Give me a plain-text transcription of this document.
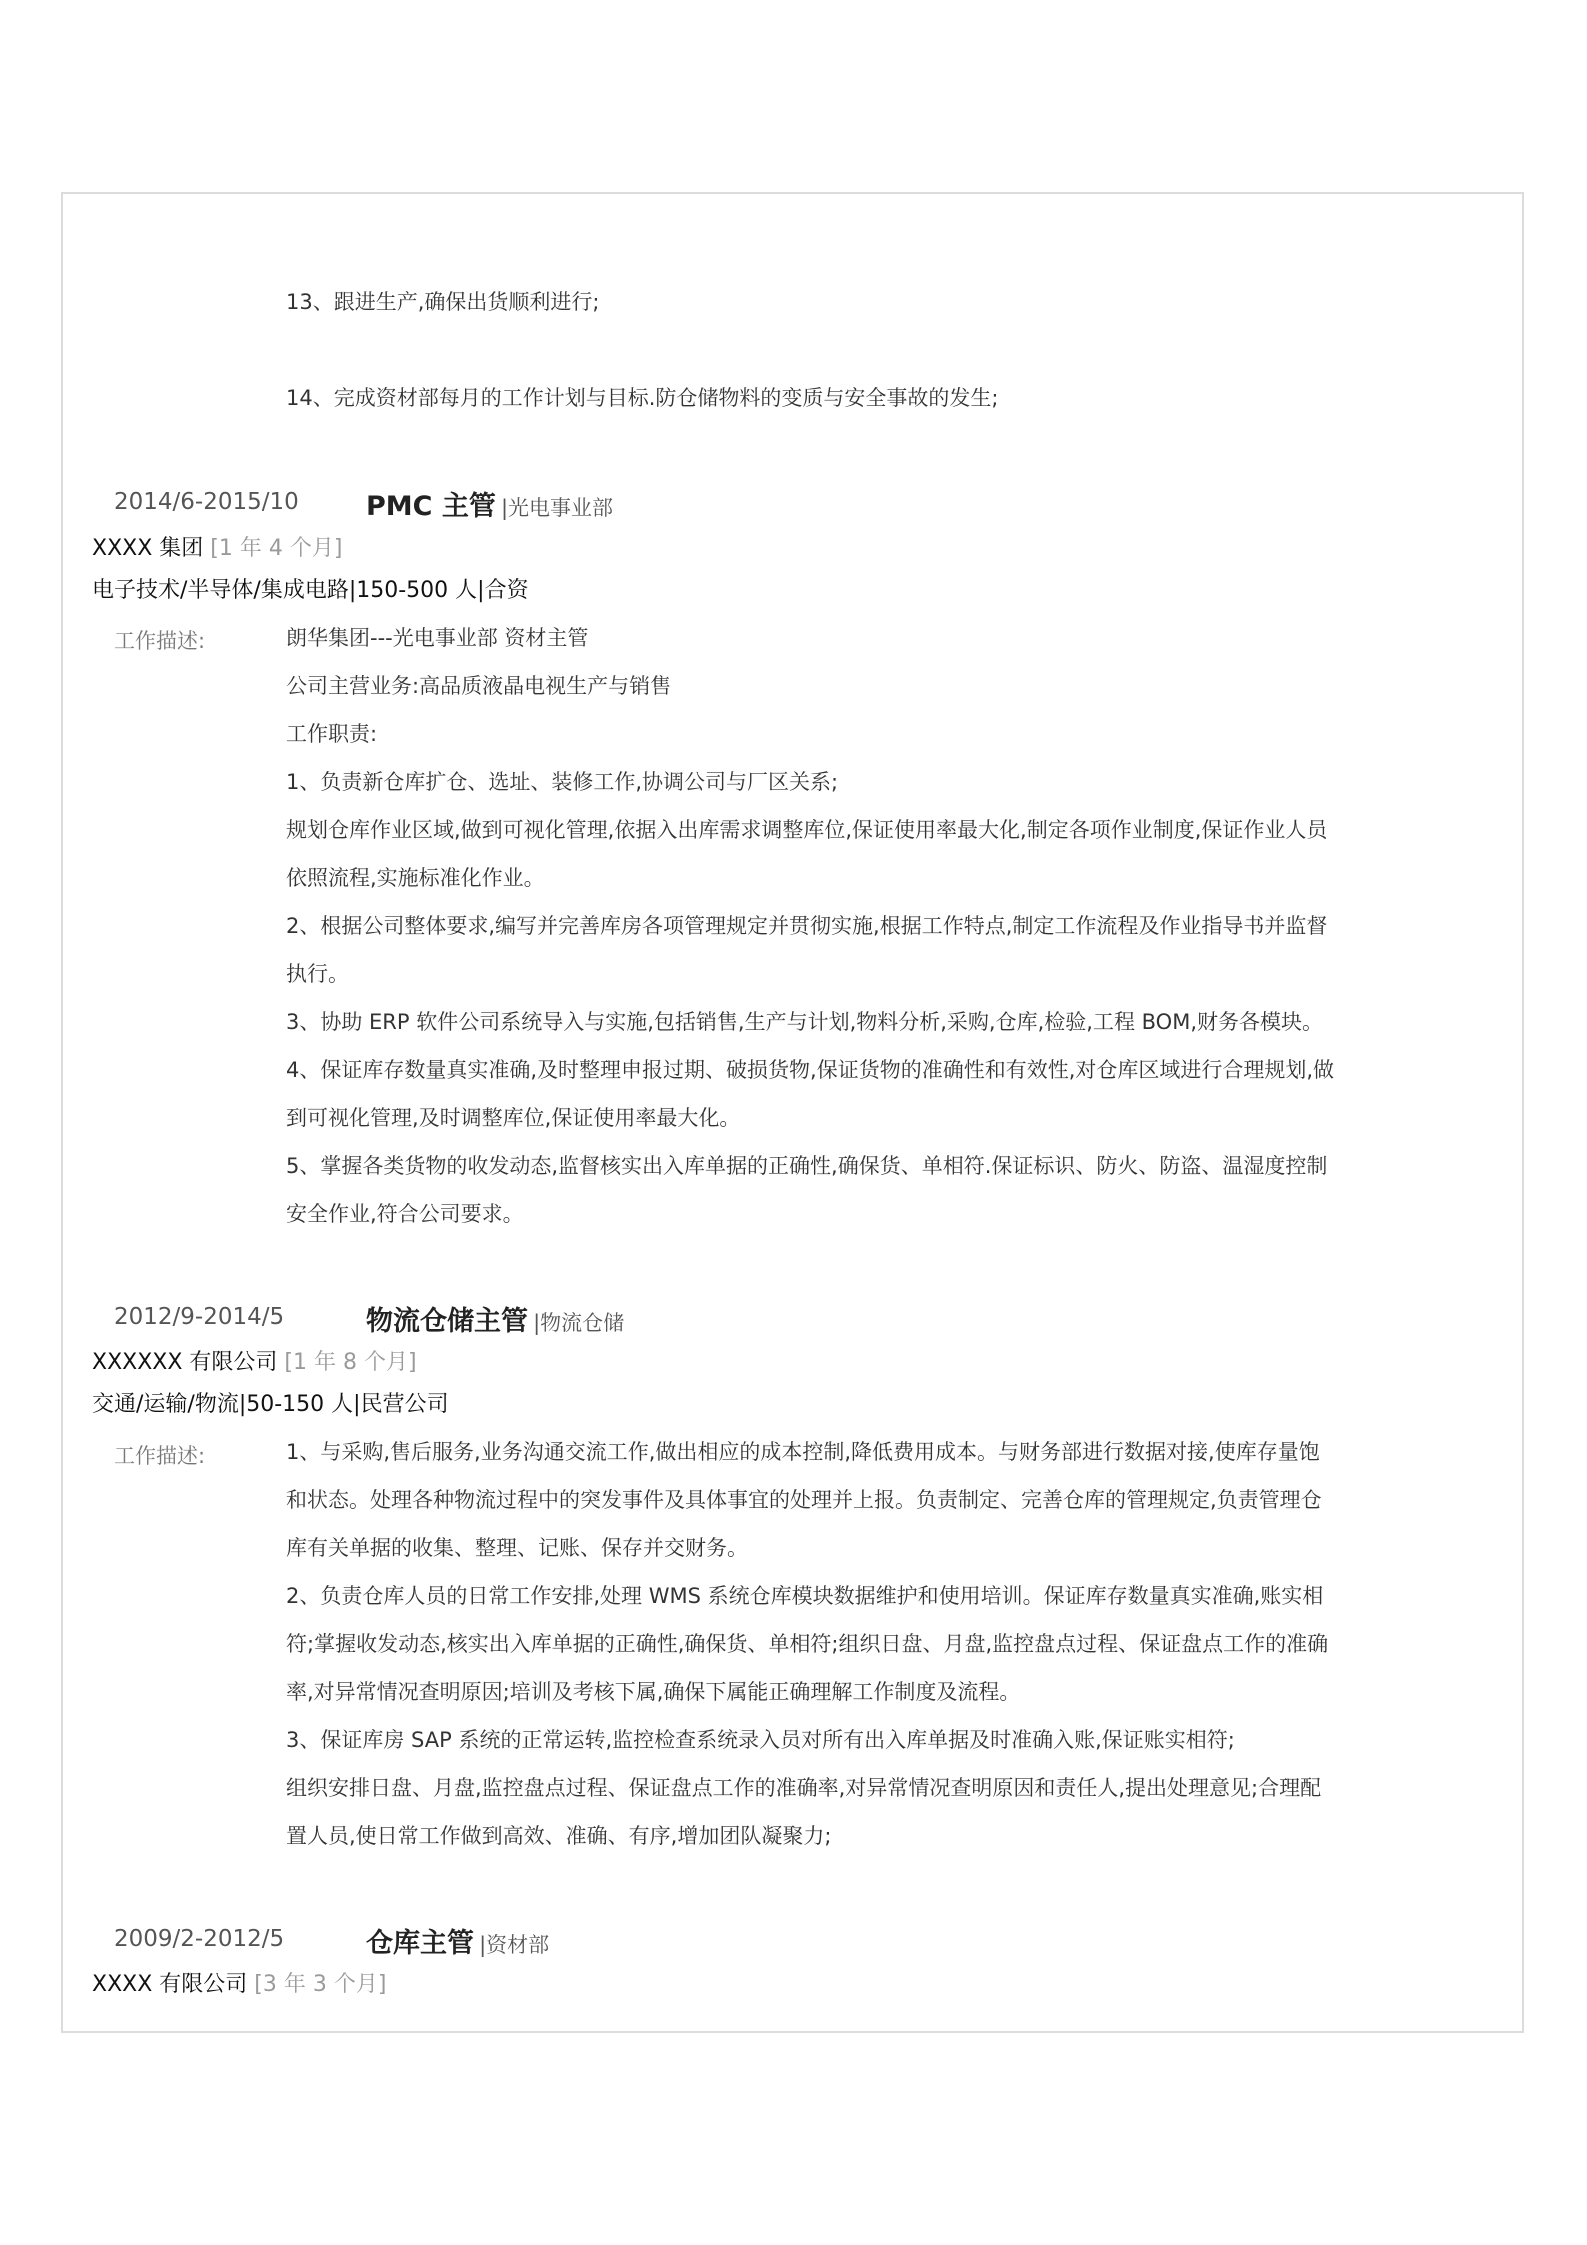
13、跟进生产,确保出货顺利进行;
14、完成资材部每月的工作计划与目标.防仓储物料的变质与安全事故的发生;
2014/6-2015/10 PMC 主管 |光电事业部
XXXX 集团 [1 年 4 个月]
电子技术/半导体/集成电路|150-500 人|合资
工作描述:	朗华集团---光电事业部 资材主管
公司主营业务:高品质液晶电视生产与销售
工作职责:
1、负责新仓库扩仓、选址、装修工作,协调公司与厂区关系;
规划仓库作业区域,做到可视化管理,依据入出库需求调整库位,保证使用率最大化,制定各项作业制度,保证作业人员
依照流程,实施标准化作业。
2、根据公司整体要求,编写并完善库房各项管理规定并贯彻实施,根据工作特点,制定工作流程及作业指导书并监督
执行。
3、协助 ERP 软件公司系统导入与实施,包括销售,生产与计划,物料分析,采购,仓库,检验,工程 BOM,财务各模块。
4、保证库存数量真实准确,及时整理申报过期、破损货物,保证货物的准确性和有效性,对仓库区域进行合理规划,做
到可视化管理,及时调整库位,保证使用率最大化。
5、掌握各类货物的收发动态,监督核实出入库单据的正确性,确保货、单相符.保证标识、防火、防盗、温湿度控制
安全作业,符合公司要求。
2012/9-2014/5	物流仓储主管 |物流仓储
XXXXXX 有限公司 [1 年 8 个月]
交通/运输/物流|50-150 人|民营公司
工作描述:	1、与采购,售后服务,业务沟通交流工作,做出相应的成本控制,降低费用成本。与财务部进行数据对接,使库存量饱
和状态。处理各种物流过程中的突发事件及具体事宜的处理并上报。负责制定、完善仓库的管理规定,负责管理仓
库有关单据的收集、整理、记账、保存并交财务。
2、负责仓库人员的日常工作安排,处理 WMS 系统仓库模块数据维护和使用培训。保证库存数量真实准确,账实相
符;掌握收发动态,核实出入库单据的正确性,确保货、单相符;组织日盘、月盘,监控盘点过程、保证盘点工作的准确
率,对异常情况查明原因;培训及考核下属,确保下属能正确理解工作制度及流程。
3、保证库房 SAP 系统的正常运转,监控检查系统录入员对所有出入库单据及时准确入账,保证账实相符;
组织安排日盘、月盘,监控盘点过程、保证盘点工作的准确率,对异常情况查明原因和责任人,提出处理意见;合理配
置人员,使日常工作做到高效、准确、有序,增加团队凝聚力;
2009/2-2012/5	仓库主管 |资材部
XXXX 有限公司 [3 年 3 个月]
